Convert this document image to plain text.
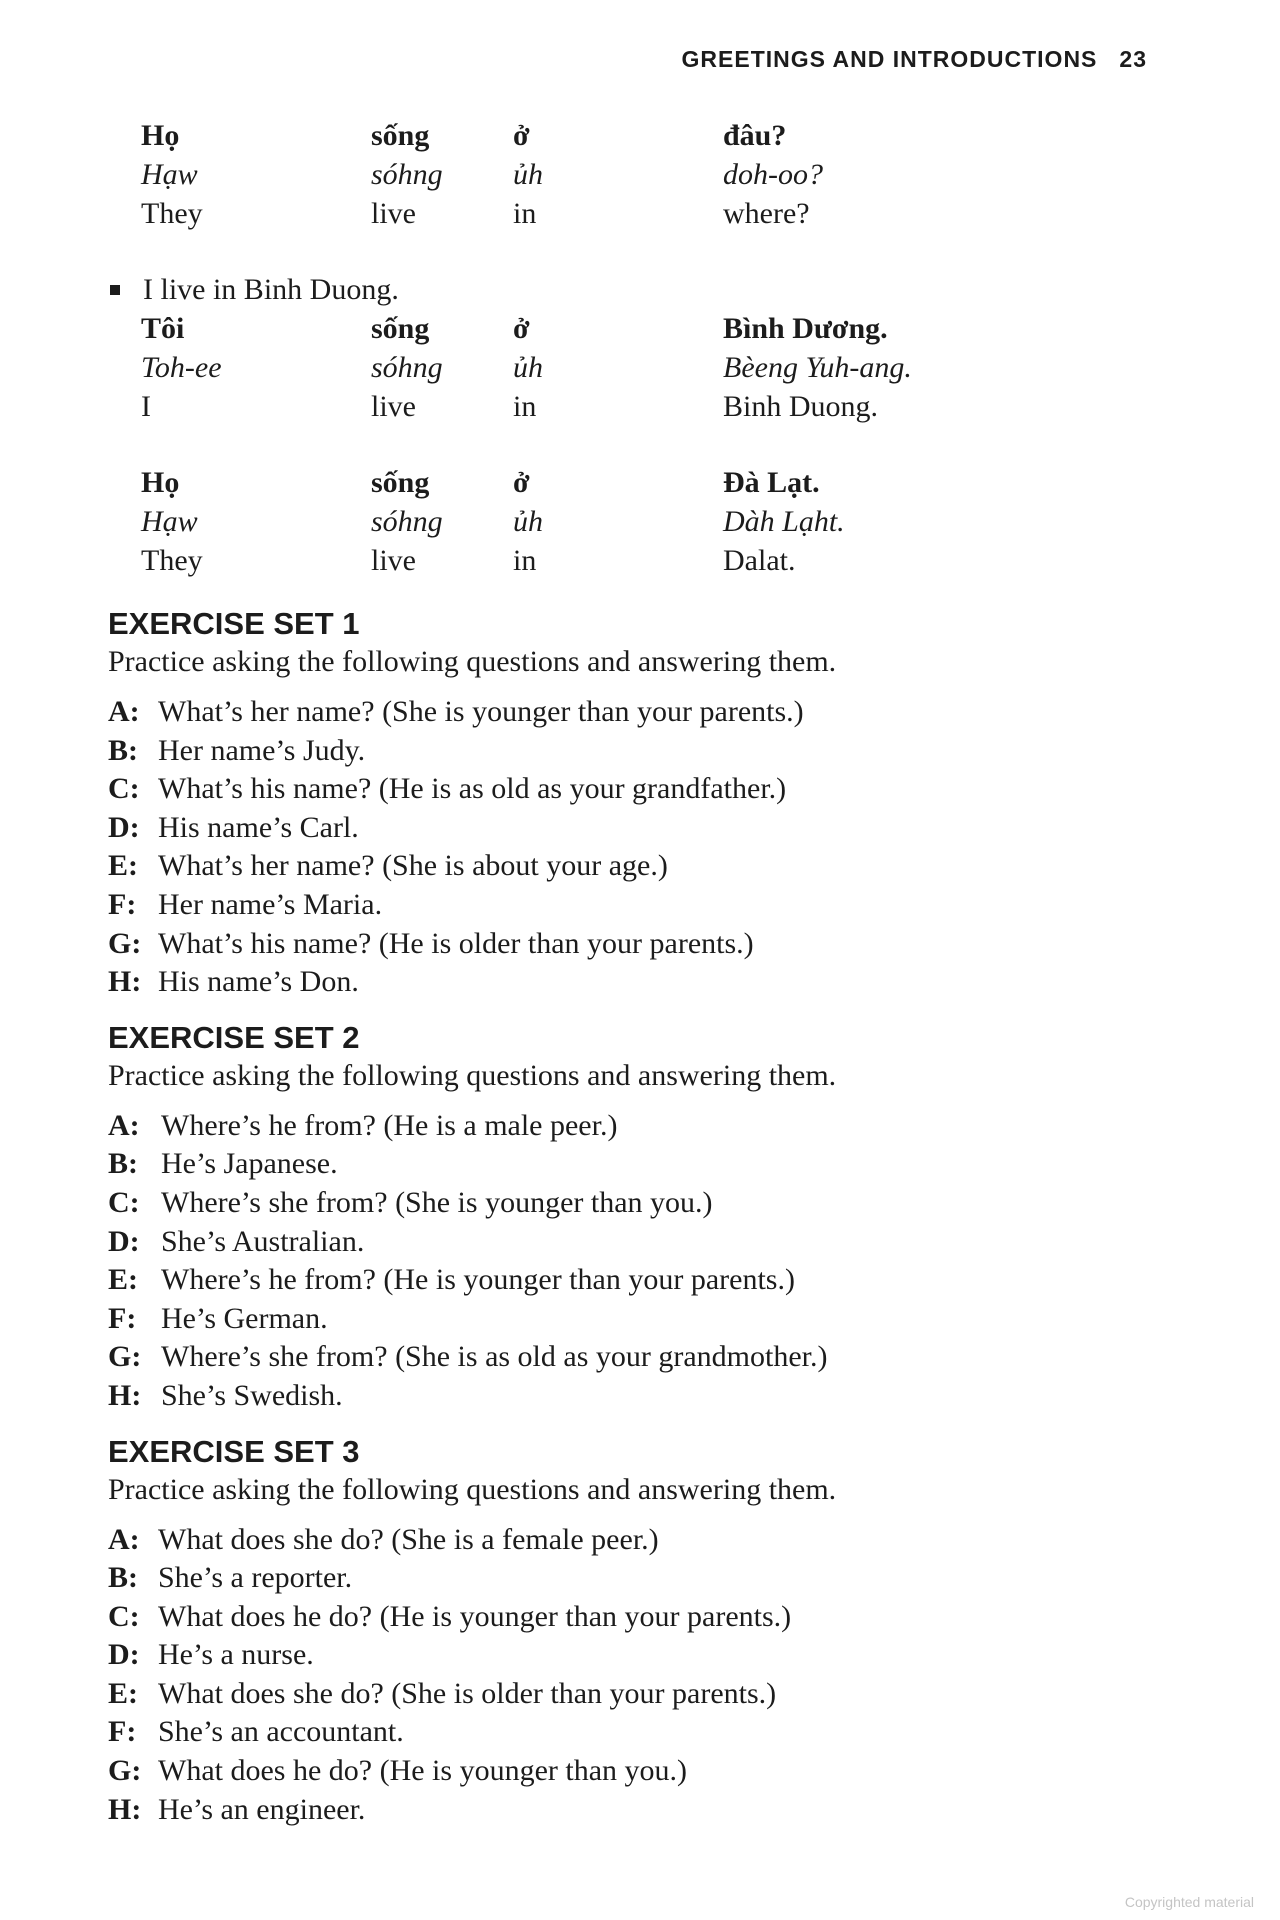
GREETINGS AND INTRODUCTIONS 23
Họ	sống	ở	đâu?
Hạw	sóhng	ủh	doh-oo?
They	live	in	where?
I live in Binh Duong.
Tôi	sống	ở	Bình Dương.
Toh-ee	sóhng	ủh	Bèeng Yuh-ang.
I	live	in	Binh Duong.
Họ	sống	ở	Đà Lạt.
Hạw	sóhng	ủh	Dàh Lạht.
They	live	in	Dalat.
EXERCISE SET 1
Practice asking the following questions and answering them.
A: What’s her name? (She is younger than your parents.)
B: Her name’s Judy.
C: What’s his name? (He is as old as your grandfather.)
D: His name’s Carl.
E: What’s her name? (She is about your age.)
F: Her name’s Maria.
G: What’s his name? (He is older than your parents.)
H: His name’s Don.
EXERCISE SET 2
Practice asking the following questions and answering them.
A: Where’s he from? (He is a male peer.)
B: He’s Japanese.
C: Where’s she from? (She is younger than you.)
D: She’s Australian.
E: Where’s he from? (He is younger than your parents.)
F: He’s German.
G: Where’s she from? (She is as old as your grandmother.)
H: She’s Swedish.
EXERCISE SET 3
Practice asking the following questions and answering them.
A: What does she do? (She is a female peer.)
B: She’s a reporter.
C: What does he do? (He is younger than your parents.)
D: He’s a nurse.
E: What does she do? (She is older than your parents.)
F: She’s an accountant.
G: What does he do? (He is younger than you.)
H: He’s an engineer.
Copyrighted material
